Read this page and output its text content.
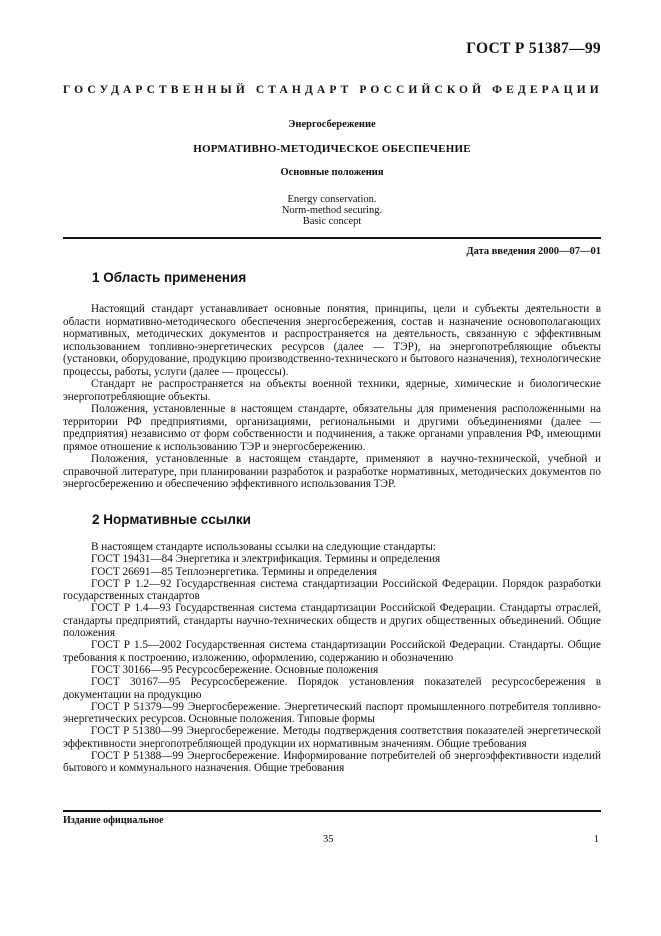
ГОСТ Р 51387—99
ГОСУДАРСТВЕННЫЙ СТАНДАРТ РОССИЙСКОЙ ФЕДЕРАЦИИ
Энергосбережение
НОРМАТИВНО-МЕТОДИЧЕСКОЕ ОБЕСПЕЧЕНИЕ
Основные положения
Energy conservation.
Norm-method securing.
Basic concept
Дата введения 2000—07—01
1 Область применения

Настоящий стандарт устанавливает основные понятия, принципы, цели и субъекты деятельности в области нормативно-методического обеспечения энергосбережения, состав и назначение основополагающих нормативных, методических документов и распространяется на деятельность, связанную с эффективным использованием топливно-энергетических ресурсов (далее — ТЭР), на энергопотребляющие объекты (установки, оборудование, продукцию производственно-технического и бытового назначения), технологические процессы, работы, услуги (далее — процессы).

Стандарт не распространяется на объекты военной техники, ядерные, химические и биологические энергопотребляющие объекты.

Положения, установленные в настоящем стандарте, обязательны для применения расположенными на территории РФ предприятиями, организациями, региональными и другими объединениями (далее — предприятия) независимо от форм собственности и подчинения, а также органами управления РФ, имеющими прямое отношение к использованию ТЭР и энергосбережению.

Положения, установленные в настоящем стандарте, применяют в научно-технической, учебной и справочной литературе, при планировании разработок и разработке нормативных, методических документов по энергосбережению и обеспечению эффективного использования ТЭР.

2 Нормативные ссылки

В настоящем стандарте использованы ссылки на следующие стандарты:

ГОСТ 19431—84 Энергетика и электрификация. Термины и определения

ГОСТ 26691—85 Теплоэнергетика. Термины и определения

ГОСТ Р 1.2—92 Государственная система стандартизации Российской Федерации. Порядок разработки государственных стандартов

ГОСТ Р 1.4—93 Государственная система стандартизации Российской Федерации. Стандарты отраслей, стандарты предприятий, стандарты научно-технических обществ и других общественных объединений. Общие положения

ГОСТ Р 1.5—2002 Государственная система стандартизации Российской Федерации. Стандарты. Общие требования к построению, изложению, оформлению, содержанию и обозначению

ГОСТ 30166—95 Ресурсосбережение. Основные положения

ГОСТ 30167—95 Ресурсосбережение. Порядок установления показателей ресурсосбережения в документации на продукцию

ГОСТ Р 51379—99 Энергосбережение. Энергетический паспорт промышленного потребителя топливно-энергетических ресурсов. Основные положения. Типовые формы

ГОСТ Р 51380—99 Энергосбережение. Методы подтверждения соответствия показателей энергетической эффективности энергопотребляющей продукции их нормативным значениям. Общие требования

ГОСТ Р 51388—99 Энергосбережение. Информирование потребителей об энергоэффективности изделий бытового и коммунального назначения. Общие требования

Издание официальное
35	1
